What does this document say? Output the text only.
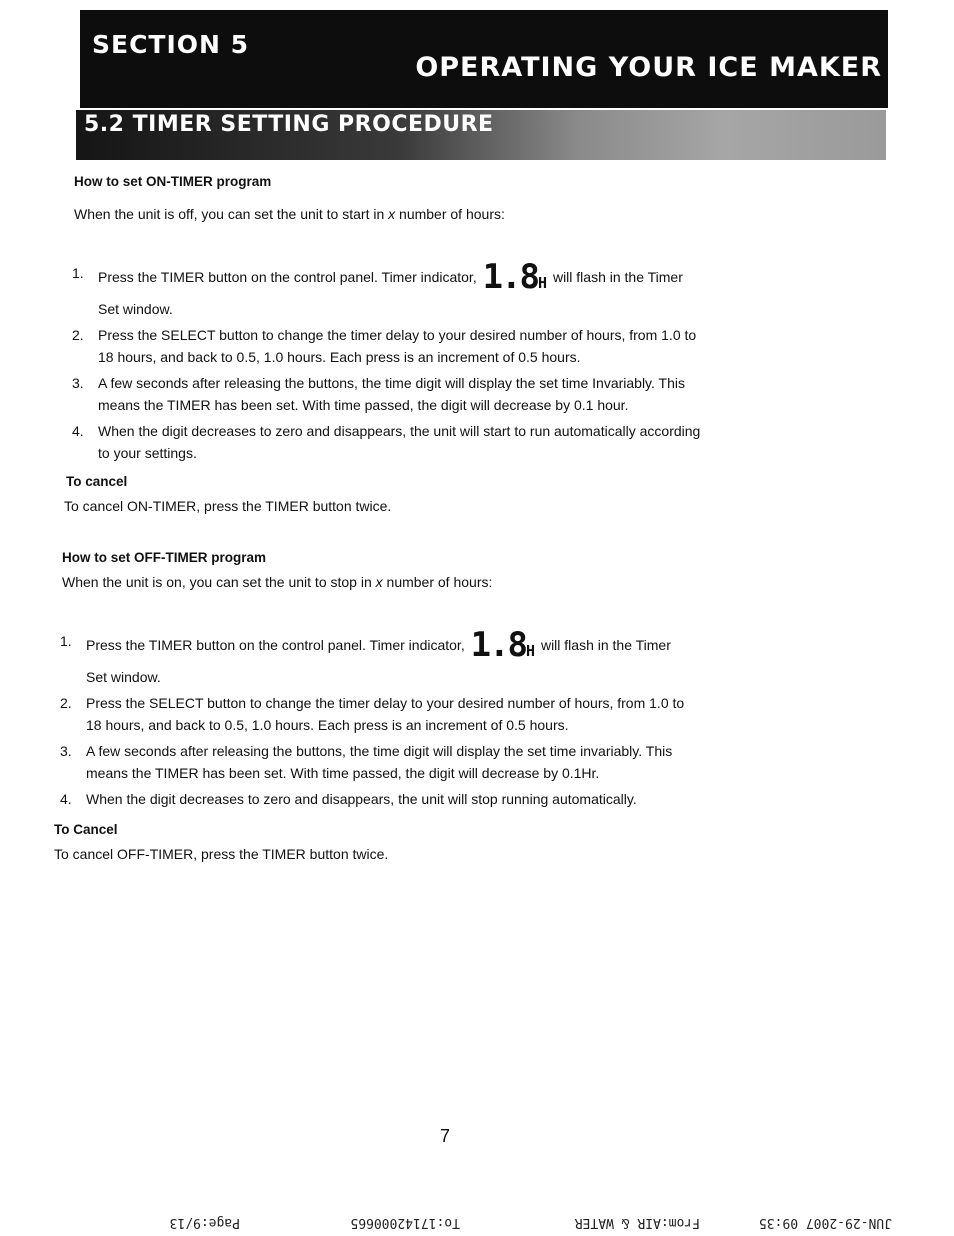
SECTION 5
OPERATING YOUR ICE MAKER
5.2 TIMER SETTING PROCEDURE
How to set ON-TIMER program
When the unit is off, you can set the unit to start in x number of hours:
1. Press the TIMER button on the control panel. Timer indicator, 1.8H will flash in the Timer Set window.
2. Press the SELECT button to change the timer delay to your desired number of hours, from 1.0 to 18 hours, and back to 0.5, 1.0 hours. Each press is an increment of 0.5 hours.
3. A few seconds after releasing the buttons, the time digit will display the set time Invariably. This means the TIMER has been set. With time passed, the digit will decrease by 0.1 hour.
4. When the digit decreases to zero and disappears, the unit will start to run automatically according to your settings.
To cancel
To cancel ON-TIMER, press the TIMER button twice.
How to set OFF-TIMER program
When the unit is on, you can set the unit to stop in x number of hours:
1. Press the TIMER button on the control panel. Timer indicator, 1.8H will flash in the Timer Set window.
2. Press the SELECT button to change the timer delay to your desired number of hours, from 1.0 to 18 hours, and back to 0.5, 1.0 hours. Each press is an increment of 0.5 hours.
3. A few seconds after releasing the buttons, the time digit will display the set time invariably. This means the TIMER has been set. With time passed, the digit will decrease by 0.1Hr.
4. When the digit decreases to zero and disappears, the unit will stop running automatically.
To Cancel
To cancel OFF-TIMER, press the TIMER button twice.
7
JUN-29-2007 09:35
From:AIR & WATER
To:17142000665
Page:9/13
